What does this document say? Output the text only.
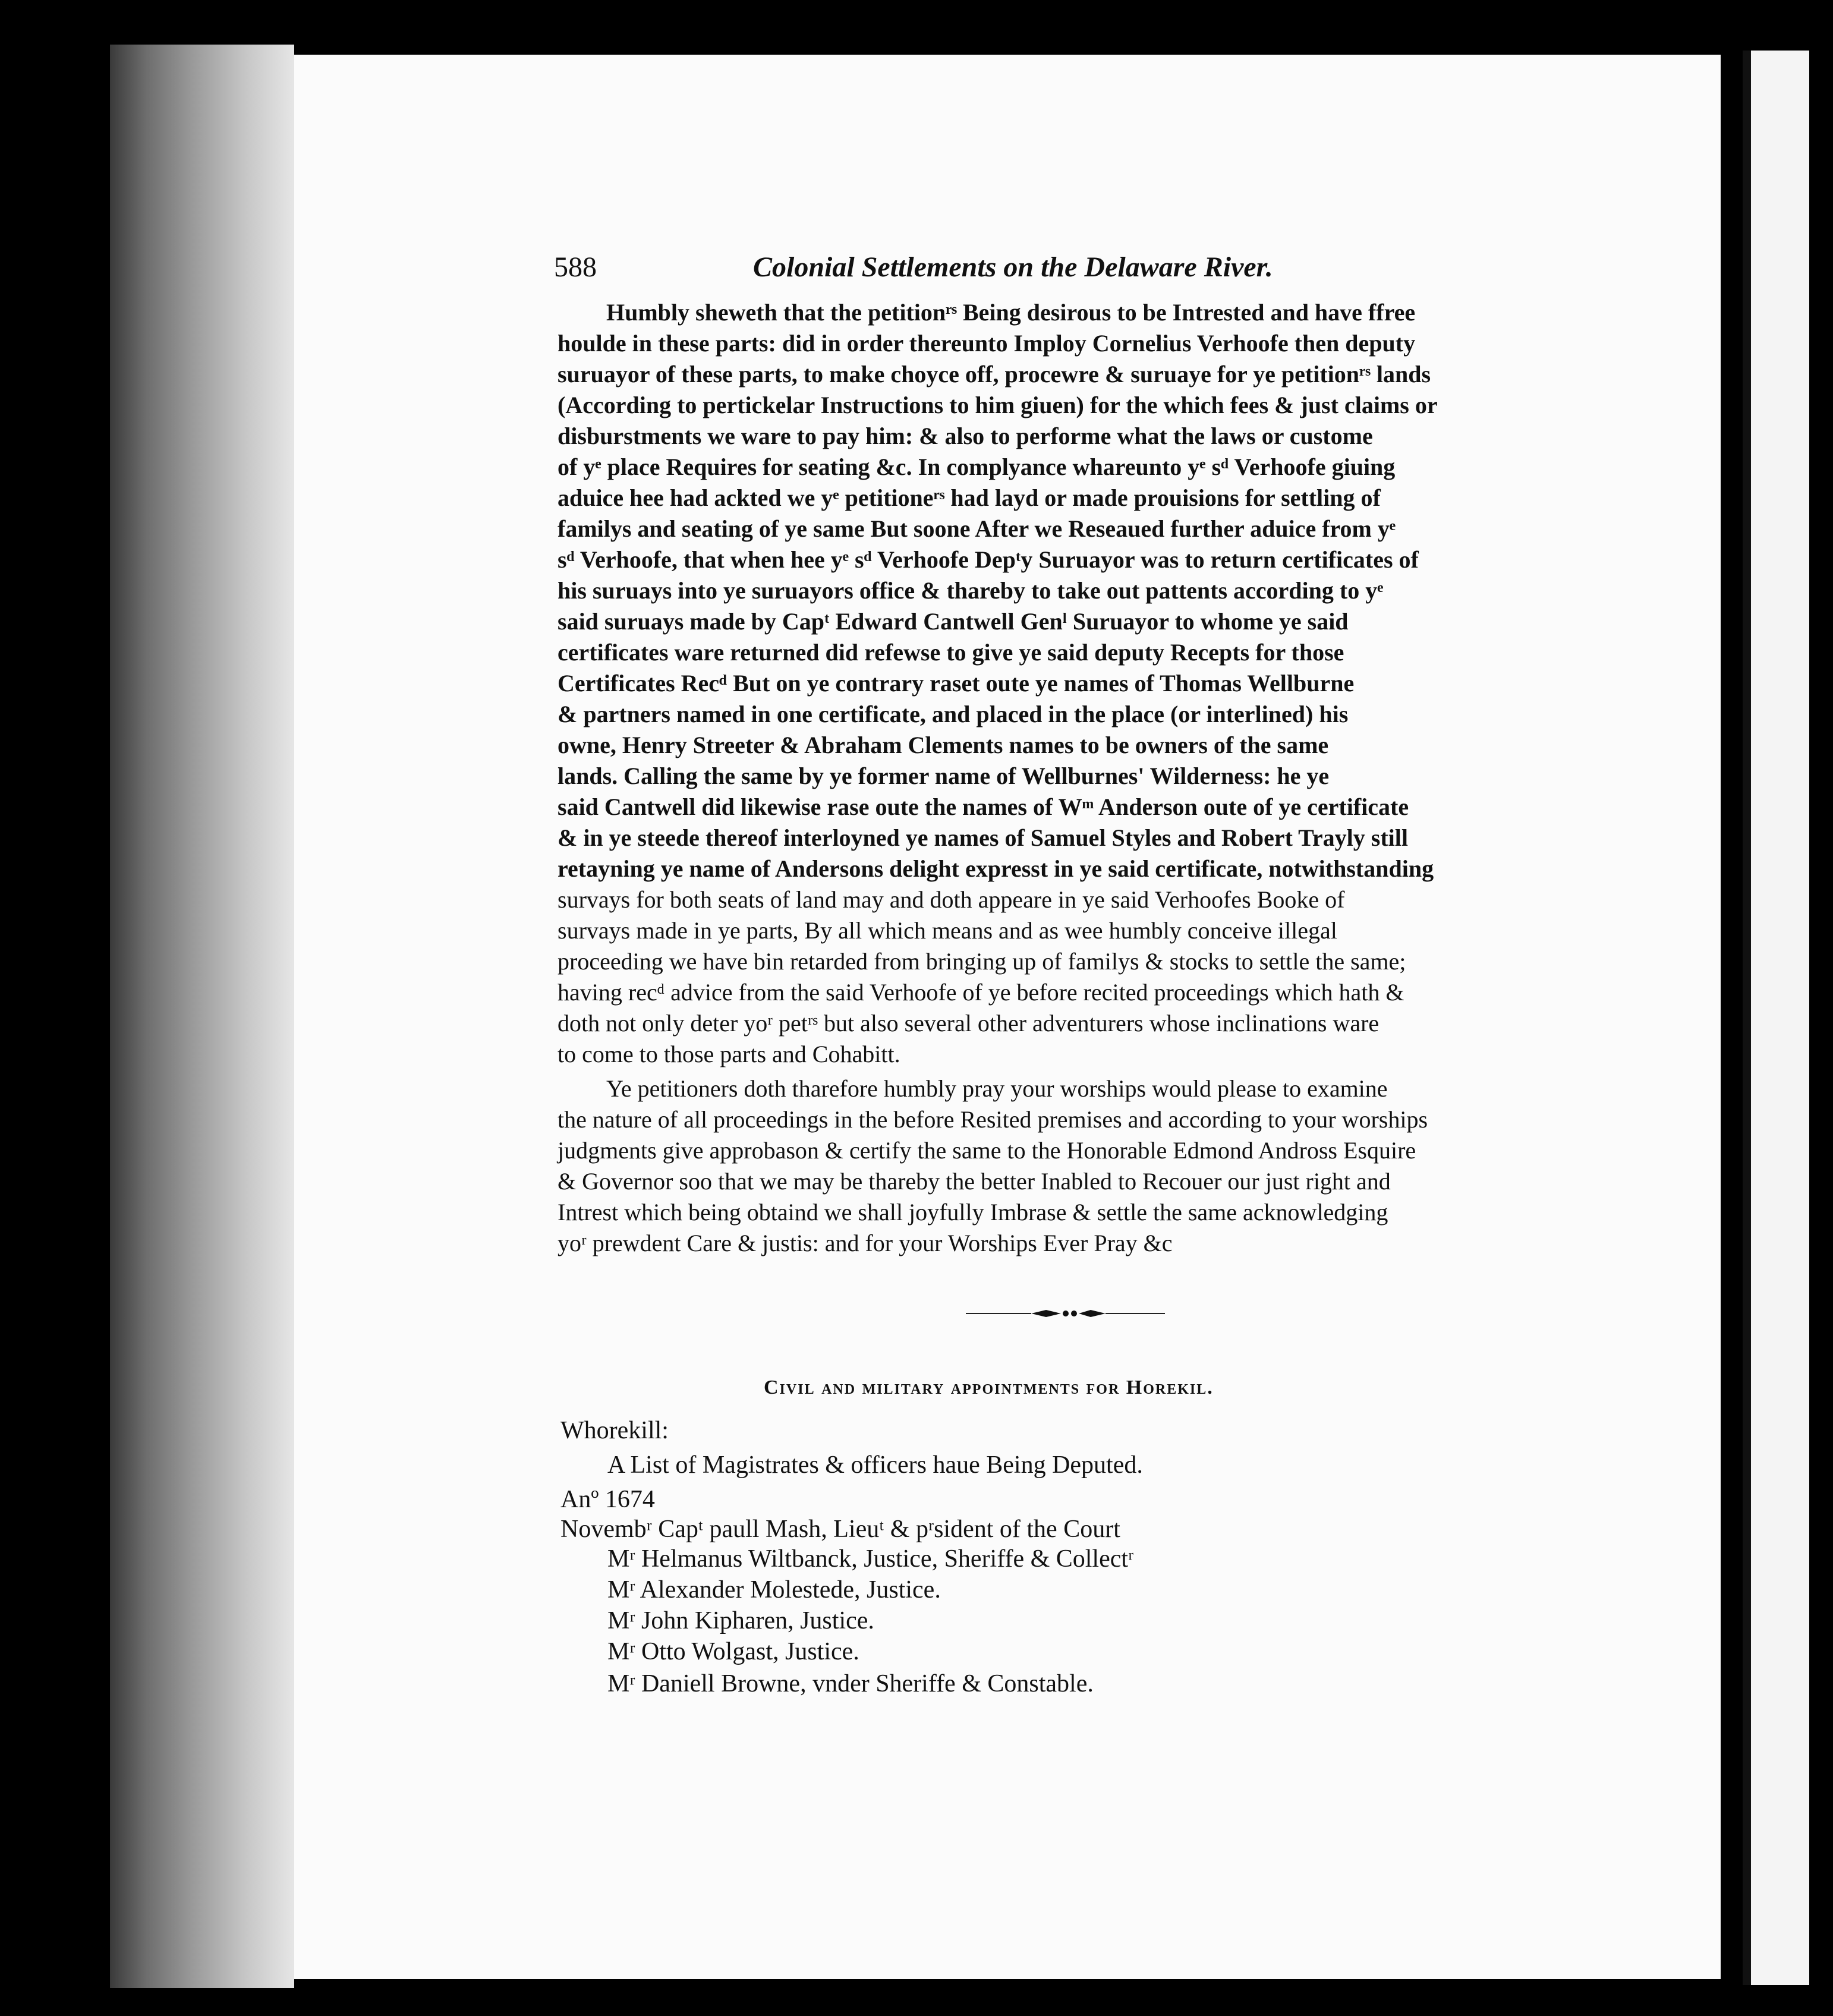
588	Colonial Settlements on the Delaware River.
Humbly sheweth that the petitionʳˢ Being desirous to be Intrested and have ffree
houlde in these parts: did in order thereunto Imploy Cornelius Verhoofe then deputy
suruayor of these parts, to make choyce off, procewre & suruaye for ye petitionʳˢ lands
(According to pertickelar Instructions to him giuen) for the which fees & just claims or
disburstments we ware to pay him: & also to performe what the laws or custome
of yᵉ place Requires for seating &c. In complyance whareunto yᵉ sᵈ Verhoofe giuing
aduice hee had ackted we yᵉ petitioneʳˢ had layd or made prouisions for settling of
familys and seating of ye same But soone After we Reseaued further aduice from yᵉ
sᵈ Verhoofe, that when hee yᵉ sᵈ Verhoofe Depᵗy Suruayor was to return certificates of
his suruays into ye suruayors office & thareby to take out pattents according to yᵉ
said suruays made by Capᵗ Edward Cantwell Genˡ Suruayor to whome ye said
certificates ware returned did refewse to give ye said deputy Recepts for those
Certificates Recᵈ But on ye contrary raset oute ye names of Thomas Wellburne
& partners named in one certificate, and placed in the place (or interlined) his
owne, Henry Streeter & Abraham Clements names to be owners of the same
lands. Calling the same by ye former name of Wellburnes' Wilderness: he ye
said Cantwell did likewise rase oute the names of Wᵐ Anderson oute of ye certificate
& in ye steede thereof interloyned ye names of Samuel Styles and Robert Trayly still
retayning ye name of Andersons delight expresst in ye said certificate, notwithstanding
survays for both seats of land may and doth appeare in ye said Verhoofes Booke of
survays made in ye parts, By all which means and as wee humbly conceive illegal
proceeding we have bin retarded from bringing up of familys & stocks to settle the same;
having recᵈ advice from the said Verhoofe of ye before recited proceedings which hath &
doth not only deter yoʳ petʳˢ but also several other adventurers whose inclinations ware
to come to those parts and Cohabitt.
Ye petitioners doth tharefore humbly pray your worships would please to examine
the nature of all proceedings in the before Resited premises and according to your worships
judgments give approbason & certify the same to the Honorable Edmond Andross Esquire
& Governor soo that we may be thareby the better Inabled to Recouer our just right and
Intrest which being obtaind we shall joyfully Imbrase & settle the same acknowledging
yoʳ prewdent Care & justis: and for your Worships Ever Pray &c
Civil and military appointments for Horekil.
Whorekill:
A List of Magistrates & officers haue Being Deputed.
Anº 1674
Novembʳ Capᵗ paull Mash, Lieuᵗ & pʳsident of the Court
Mʳ Helmanus Wiltbanck, Justice, Sheriffe & Collectʳ
Mʳ Alexander Molestede, Justice.
Mʳ John Kipharen, Justice.
Mʳ Otto Wolgast, Justice.
Mʳ Daniell Browne, vnder Sheriffe & Constable.
